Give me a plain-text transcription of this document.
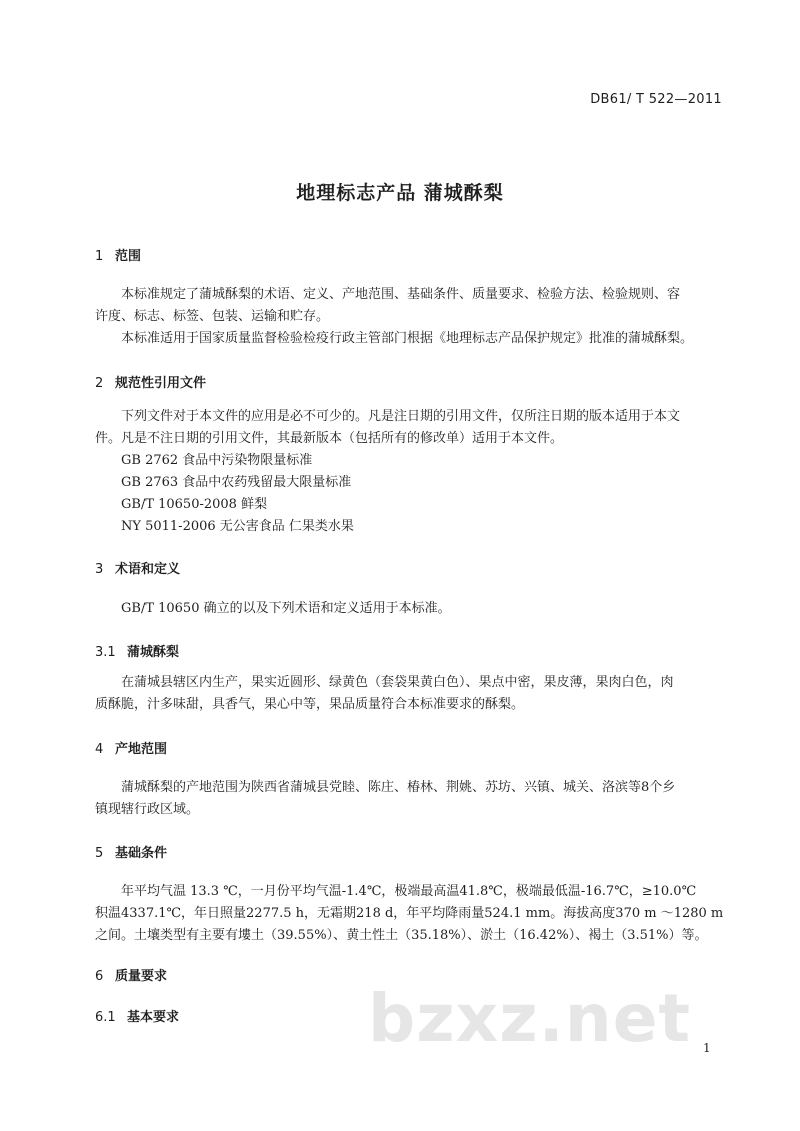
DB61/ T 522—2011
地理标志产品 蒲城酥梨
1 范围
本标准规定了蒲城酥梨的术语、定义、产地范围、基础条件、质量要求、检验方法、检验规则、容
许度、标志、标签、包装、运输和贮存。
本标准适用于国家质量监督检验检疫行政主管部门根据《地理标志产品保护规定》批准的蒲城酥梨。
2 规范性引用文件
下列文件对于本文件的应用是必不可少的。凡是注日期的引用文件，仅所注日期的版本适用于本文
件。凡是不注日期的引用文件，其最新版本（包括所有的修改单）适用于本文件。
GB 2762 食品中污染物限量标准
GB 2763 食品中农药残留最大限量标准
GB/T 10650-2008 鲜梨
NY 5011-2006 无公害食品 仁果类水果
3 术语和定义
GB/T 10650 确立的以及下列术语和定义适用于本标准。
3.1 蒲城酥梨
在蒲城县辖区内生产，果实近圆形、绿黄色（套袋果黄白色）、果点中密，果皮薄，果肉白色，肉
质酥脆，汁多味甜，具香气，果心中等，果品质量符合本标准要求的酥梨。
4 产地范围
蒲城酥梨的产地范围为陕西省蒲城县党睦、陈庄、椿林、荆姚、苏坊、兴镇、城关、洛滨等8个乡
镇现辖行政区域。
5 基础条件
年平均气温 13.3 ℃，一月份平均气温-1.4℃，极端最高温41.8℃，极端最低温-16.7℃，≥10.0℃
积温4337.1℃，年日照量2277.5 h，无霜期218 d，年平均降雨量524.1 mm。海拔高度370 m ～1280 m
之间。土壤类型有主要有塿土（39.55%）、黄土性土（35.18%）、淤土（16.42%）、褐土（3.51%）等。
6 质量要求
6.1 基本要求	bzxz.net 1
